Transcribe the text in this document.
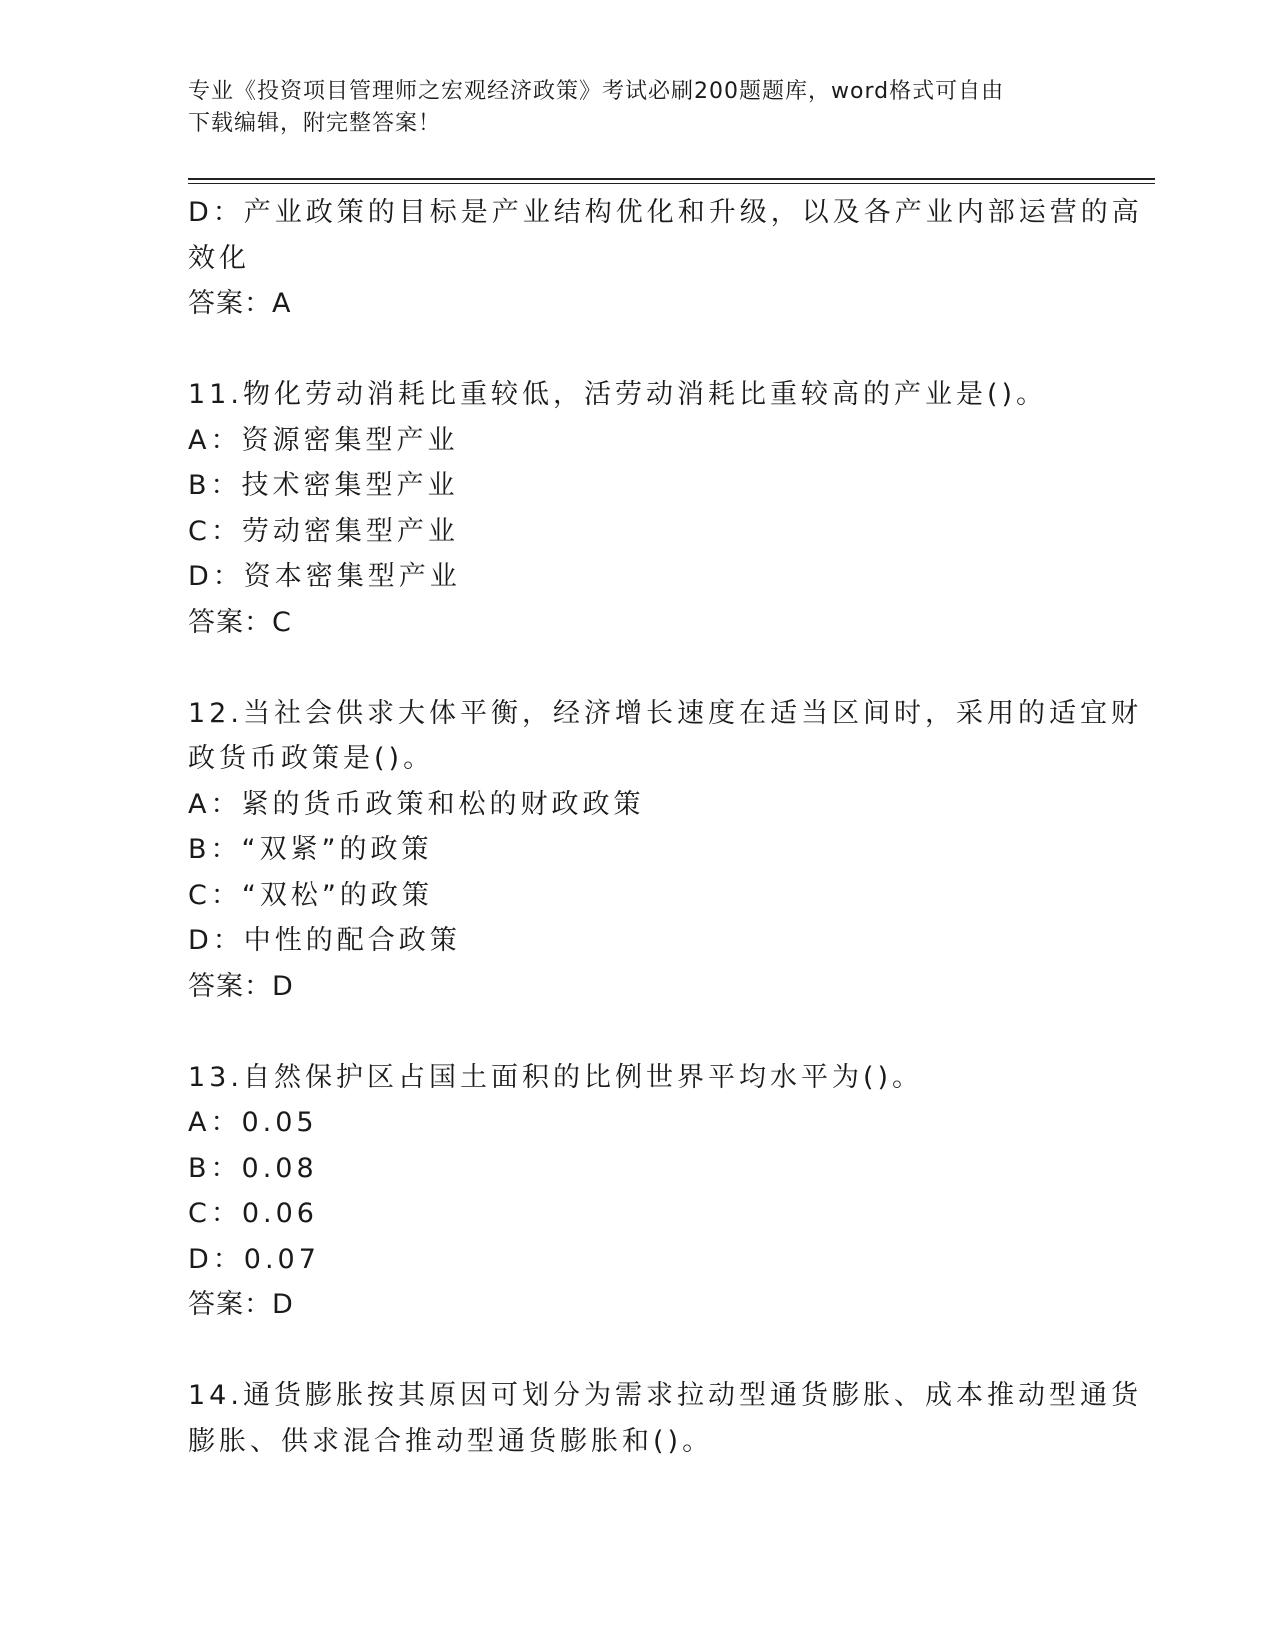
专业《投资项目管理师之宏观经济政策》考试必刷200题题库，word格式可自由
下载编辑，附完整答案！
D：产业政策的目标是产业结构优化和升级，以及各产业内部运营的高
效化
答案：A
11.物化劳动消耗比重较低，活劳动消耗比重较高的产业是()。
A：资源密集型产业
B：技术密集型产业
C：劳动密集型产业
D：资本密集型产业
答案：C
12.当社会供求大体平衡，经济增长速度在适当区间时，采用的适宜财
政货币政策是()。
A：紧的货币政策和松的财政政策
B：“双紧”的政策
C：“双松”的政策
D：中性的配合政策
答案：D
13.自然保护区占国土面积的比例世界平均水平为()。
A：0.05
B：0.08
C：0.06
D：0.07
答案：D
14.通货膨胀按其原因可划分为需求拉动型通货膨胀、成本推动型通货
膨胀、供求混合推动型通货膨胀和()。
